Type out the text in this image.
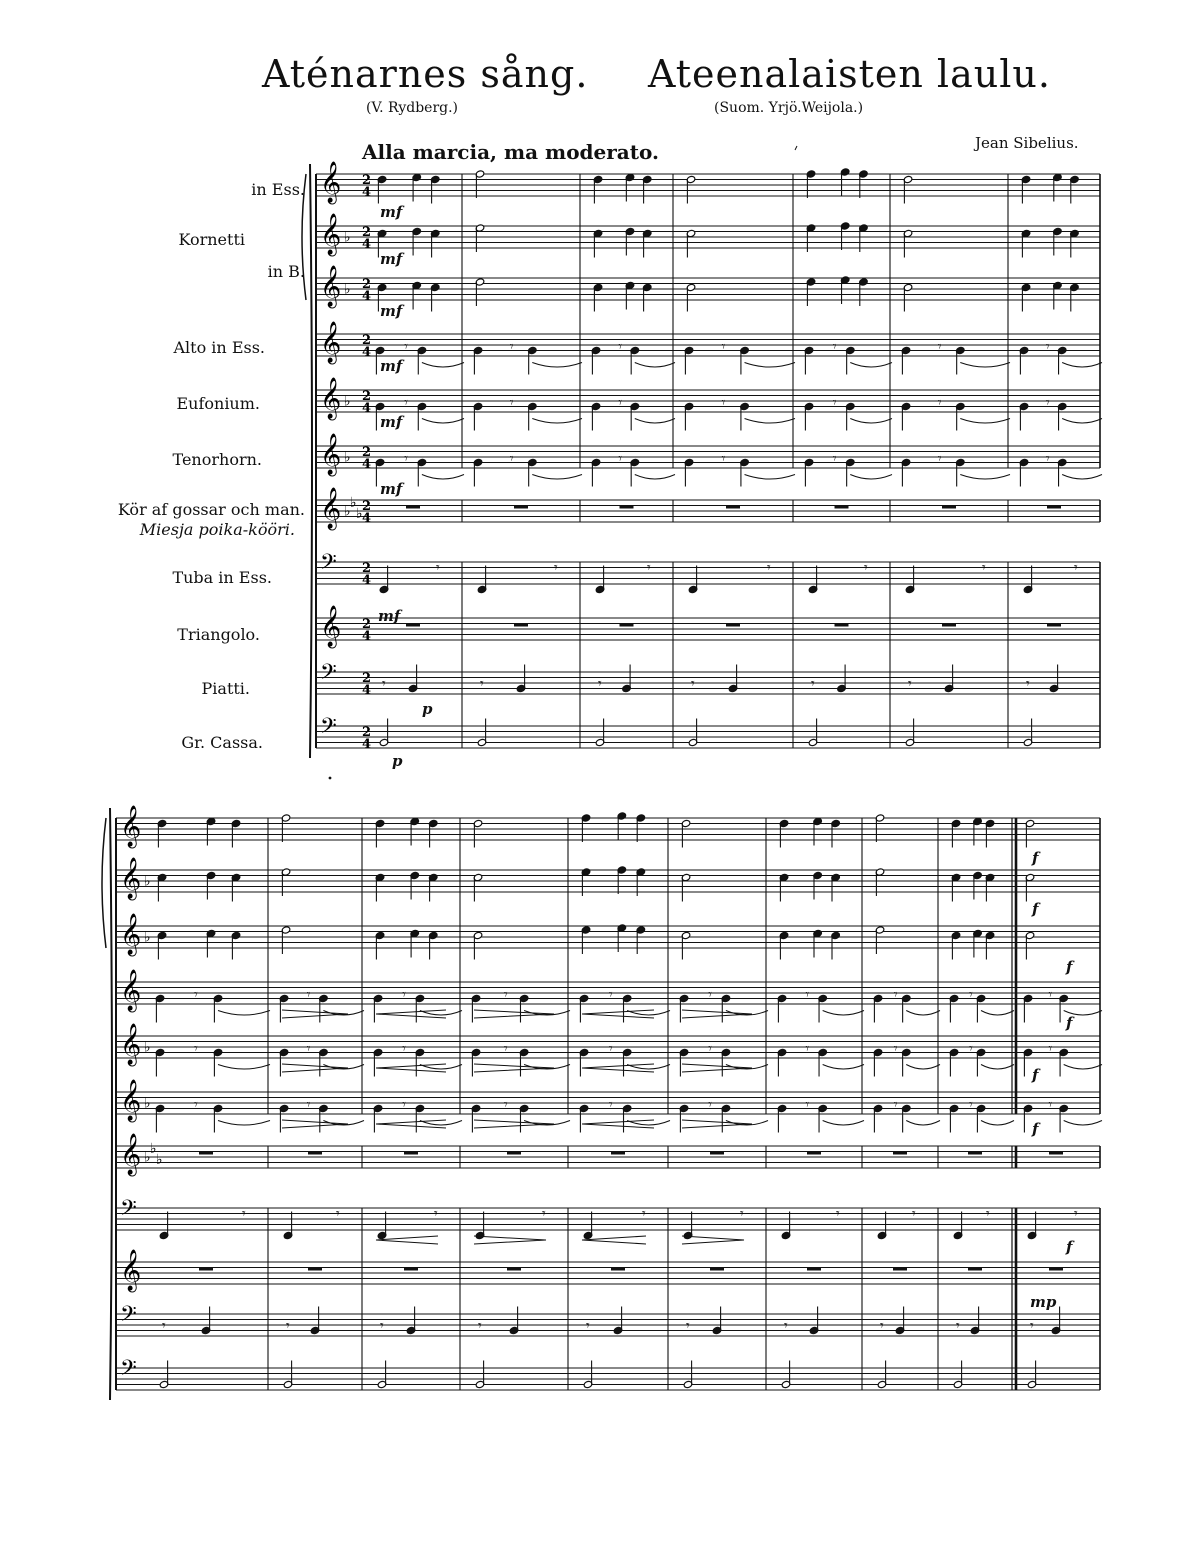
Aténarnes sång. Ateenalaisten laulu.
(V. Rydberg.)	(Suom. Yrjö.Weijola.)
Jean Sibelius.
Alla marcia, ma moderato.
in Ess.
Kornetti
in B.
Alto in Ess.
Eufonium.
Tenorhorn.
Kör af gossar och man.
Miesja poika-kööri.
Tuba in Ess.
Triangolo.
Piatti.
Gr. Cassa.
mf
mf
mf
mf
mf
mf
mf
p
p
f
f
f
f
f
f
f
mp
𝄞 2
4
𝄞 ♭ 2
4
𝄞 ♭ 2
4
𝄞 2
4
𝄞 ♭ 2
4
𝄞 ♭ 2
4
𝄞 ♭
♭
♭ 2
4
𝄢 2
4
𝄞 2
4
𝄢 2
4
𝄢 2
4
𝄾	𝄾	𝄾	𝄾	𝄾	𝄾	𝄾
𝄾	𝄾	𝄾	𝄾	𝄾	𝄾	𝄾
𝄾	𝄾	𝄾	𝄾	𝄾	𝄾	𝄾
𝄾	𝄾	𝄾	𝄾	𝄾	𝄾	𝄾
𝄾	𝄾	𝄾	𝄾	𝄾	𝄾	𝄾
𝄞
𝄞 ♭
𝄞 ♭
𝄞
𝄞 ♭
𝄞 ♭
𝄞 ♭
♭
♭
𝄢
𝄞
𝄢
𝄢
𝄾	𝄾	𝄾	𝄾	𝄾	𝄾	𝄾	𝄾	𝄾	𝄾
𝄾	𝄾	𝄾	𝄾	𝄾	𝄾	𝄾	𝄾	𝄾	𝄾
𝄾	𝄾	𝄾	𝄾	𝄾	𝄾	𝄾	𝄾	𝄾	𝄾
𝄾	𝄾	𝄾	𝄾	𝄾	𝄾	𝄾	𝄾	𝄾	𝄾
𝄾	𝄾	𝄾	𝄾	𝄾	𝄾	𝄾	𝄾	𝄾	𝄾
